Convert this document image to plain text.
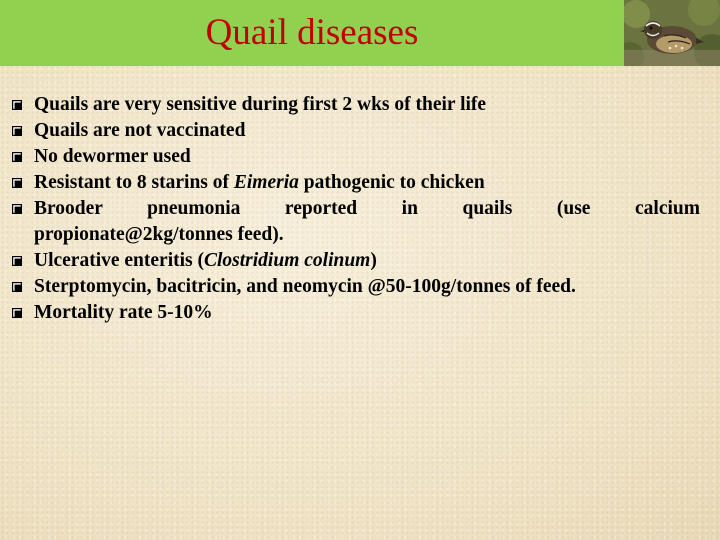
Quail diseases
Quails are very sensitive during first 2 wks of their life
Quails are not vaccinated
No dewormer used
Resistant to 8 starins of Eimeria pathogenic to chicken
Brooder pneumonia reported in quails (use calcium
propionate@2kg/tonnes feed).
Ulcerative enteritis (Clostridium colinum)
Sterptomycin, bacitricin, and neomycin @50-100g/tonnes of feed.
Mortality rate 5-10%
